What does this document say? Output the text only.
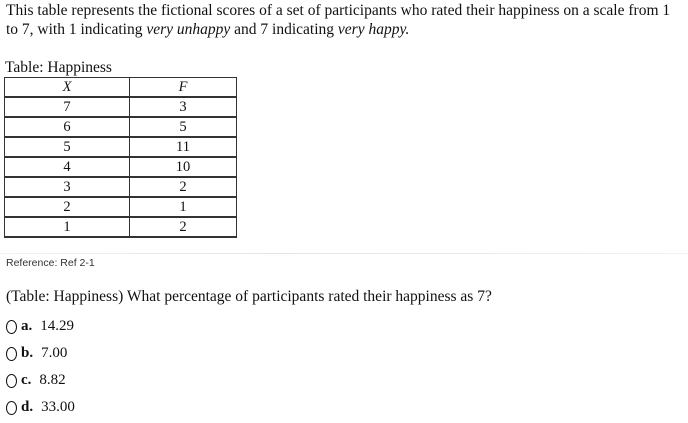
This table represents the fictional scores of a set of participants who rated their happiness on a scale from 1 to 7, with 1 indicating very unhappy and 7 indicating very happy.

Table: Happiness
X	F
7	3
6	5
5	11
4	10
3	2
2	1
1	2
Reference: Ref 2-1
(Table: Happiness) What percentage of participants rated their happiness as 7?
a. 14.29
b. 7.00
c. 8.82
d. 33.00
